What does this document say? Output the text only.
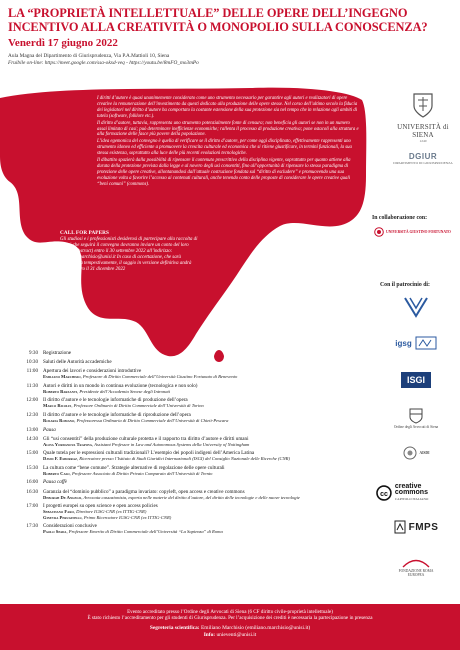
LA “PROPRIETÀ INTELLETTUALE” DELLE OPERE DELL’INGEGNO INCENTIVO ALLA CREATIVITÀ O MONOPOLIO SULLA CONOSCENZA?
Venerdì 17 giugno 2022
Aula Magna del Dipartimento di Giurisprudenza, Via P.A.Mattioli 10, Siena
Fruibile on-line: https://meet.google.com/ssa-okxd-veq - https://youtu.be/8mFO_mo3mPo

I diritti d’autore è quasi unanimemente considerato come uno strumento necessario per garantire agli autori e realizzatori di opere creative la remunerazione dell’investimento da questi dedicato alla produzione delle opere stesse. Nel corso dell’ultimo secolo la fiducia dei legislatori nel diritto d’autore ha comportato la costante estensione della sua protezione sia nel tempo che in relazione agli ambiti di tutela (software, folklore etc.).

Il diritto d’autore, tuttavia, rappresenta uno strumento potenzialmente fonte di censura; non beneficia gli autori se non in un numero assai limitato di casi; può determinare inefficienze economiche; rallenta il processo di produzione creativa; pone ostacoli alla struttura e alla formazione delle fasce più povere della popolazione.

L’idea egemonica del convegno è quella di verificare se il diritto d’autore, per come oggi disciplinato, effettivamente rappresenti uno strumento idoneo ed efficiente a promuovere la crescita culturale ed economica che si ritiene giustificare, in termini funzionali, la sua stessa esistenza, soprattutto alla luce delle più recenti evoluzioni tecnologiche.

Il dibattito spazierà dalla possibilità di ripensare il contenuto prescrittivo della disciplina vigente, soprattutto per quanto attiene alla durata della protezione prevista dalla legge e al novero degli usi consentiti, fino all’opportunità di ripensare lo stesso paradigma di protezione delle opere creative, allontanandosi dall’attuale costruzione fondata sul “diritto di escludere” e promuovendo una sua evoluzione volta a favorire l’accesso ai contenuti culturali, anche tenendo conto delle proposte di considerare le opere creative quali “beni comuni” (commons).

CALL FOR PAPERS
Gli studiosi e i professionisti desiderosi di partecipare alla raccolta di scritti che seguirà il convegno dovranno inviare un conto del loro lavoro (abstract) entro il 30 settembre 2022 all’indirizzo: emiliano.marchisio@unisi.it In caso di accettazione, che sarà comunicata tempestivamente, il saggio in versione definitiva andrà inviato entro il 31 dicembre 2022
UNIVERSITÀ di SIENA
1240
DGIUR
DIPARTIMENTO DI GIURISPRUDENZA
In collaborazione con:
UNIVERSITÀ GIUSTINO FORTUNATO
Con il patrocinio di:
igsg
ISGI
Ordine degli Avvocati di Siena
AISDI
cc
creative commons
CAPITOLO ITALIANO
FMPS
FONDAZIONE ROMA EUROPEA
9:30 Registrazione
10:30 Saluti delle Autorità accademiche
11:00 Apertura dei lavori e considerazioni introduttive
Emiliano Marchisio, Professore di Diritto Commerciale dell’Università Giustino Fortunato di Benevento
11:30 Autori e diritti in un mondo in continua evoluzione (tecnologica e non solo)
Roberto Barzanti, Presidente dell’Accademia Senese degli Intronati
12:00 Il diritto d’autore e le tecnologie informatiche di produzione dell’opera
Marco Ricolfi, Professore Ordinario di Diritto Commerciale dell’Università di Torino
12:30 Il diritto d’autore e le tecnologie informatiche di riproduzione dell’opera
Rosaria Romano, Professoressa Ordinaria di Diritto Commerciale dell’Università di Chieti-Pescara
13:00 Pausa
14:30 Gli “usi consentiti” della produzione culturale protetta e il rapporto tra diritto d’autore e diritti umani
Alina Yordanova Trapova, Assistant Professor in Law and Autonomous Systems della University of Nottingham
15:00 Quale tutela per le espressioni culturali tradizionali? L’esempio dei popoli indigeni dell’America Latina
David F. Esborraz, Ricercatore presso l’Istituto di Studi Giuridici Internazionali (ISGI) del Consiglio Nazionale delle Ricerche (CNR)
15:30 La cultura come “bene comune”. Strategie alternative di regolazione delle opere culturali
Roberto Caso, Professore Associato di Diritto Privato Comparato dell’Università di Trento
16:00 Pausa caffè
16:30 Garanzia del “dominio pubblico” a paradigma invariato: copyleft, open access e creative commons
Deborah De Angelis, Avvocata cassazionista, esperta nelle materie del diritto d’autore, del diritto delle tecnologie e delle nuove tecnologie
17:00 I progetti europei su open science e open access policies
Sebastiano Faro, Direttore IGSG-CNR (ex ITTIG-CNR)
Ginevra Peruginelli, Primo Ricercatore IGSG-CNR (ex ITTIG-CNR)
17:30 Considerazioni conclusive
Paolo Spada, Professore Emerito di Diritto Commerciale dell’Università “La Sapienza” di Roma
Evento accreditato presso l’Ordine degli Avvocati di Siena (6 CF diritto civile-proprietà intellettuale)
È stato richiesto l’accreditamento per gli studenti di Giurisprudenza. Per l’acquisizione dei crediti è necessaria la partecipazione in presenza
Segreteria scientifica: Emiliano Marchisio (emiliano.marchisio@unisi.it)
Info: unieventi@unisi.it
